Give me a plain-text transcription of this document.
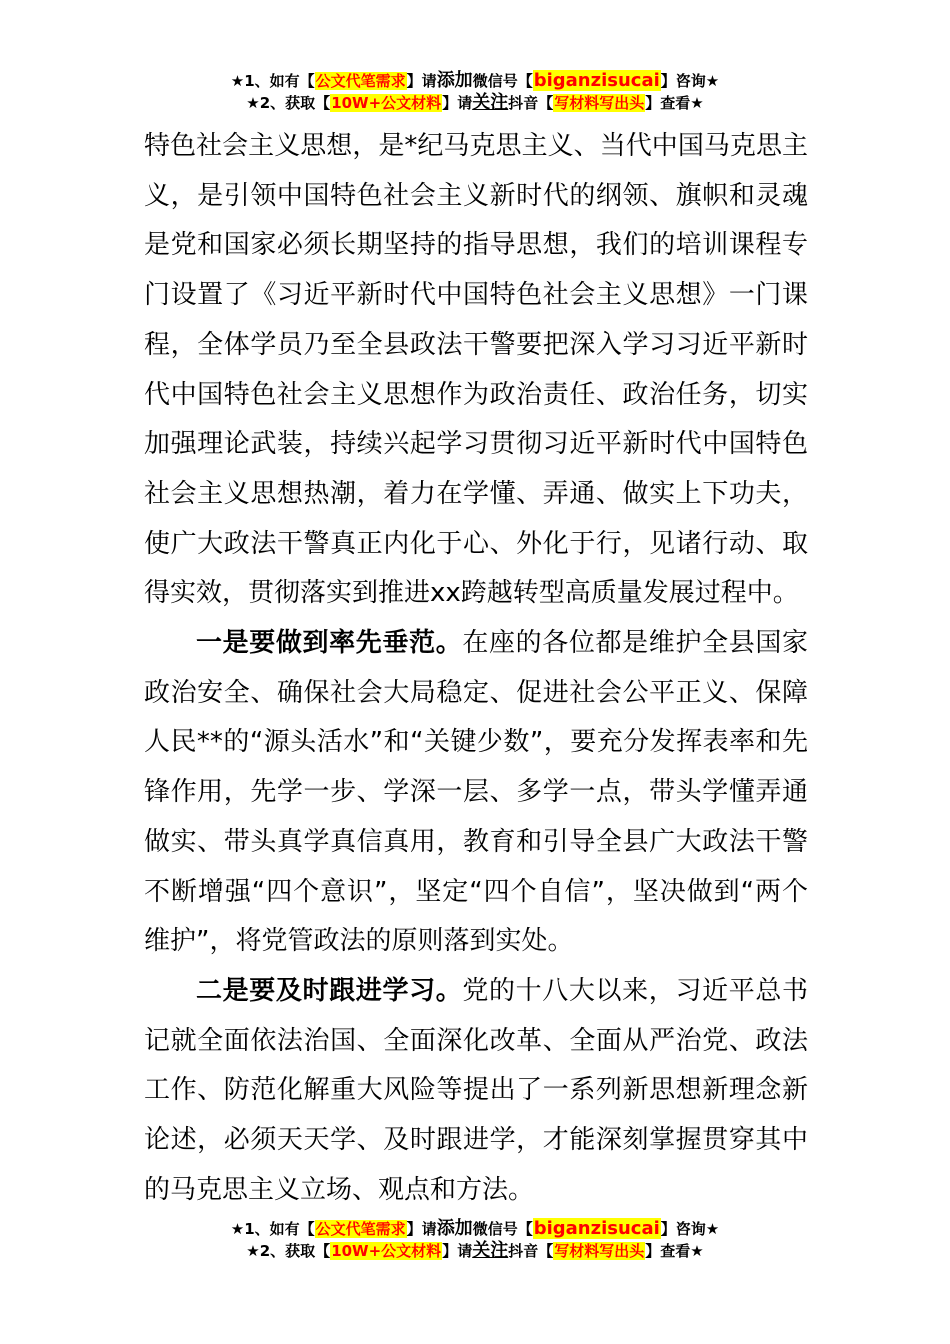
★1、如有【公文代笔需求】请添加微信号【biganzisucai】咨询★
★2、获取【10W+公文材料】请关注抖音【写材料写出头】查看★

特色社会主义思想，是*纪马克思主义、当代中国马克思主义，是引领中国特色社会主义新时代的纲领、旗帜和灵魂是党和国家必须长期坚持的指导思想，我们的培训课程专门设置了《习近平新时代中国特色社会主义思想》一门课程，全体学员乃至全县政法干警要把深入学习习近平新时代中国特色社会主义思想作为政治责任、政治任务，切实加强理论武装，持续兴起学习贯彻习近平新时代中国特色社会主义思想热潮，着力在学懂、弄通、做实上下功夫，使广大政法干警真正内化于心、外化于行，见诸行动、取得实效，贯彻落实到推进xx跨越转型高质量发展过程中。

一是要做到率先垂范。在座的各位都是维护全县国家政治安全、确保社会大局稳定、促进社会公平正义、保障人民**的“源头活水”和“关键少数”，要充分发挥表率和先锋作用，先学一步、学深一层、多学一点，带头学懂弄通做实、带头真学真信真用，教育和引导全县广大政法干警不断增强“四个意识”，坚定“四个自信”，坚决做到“两个维护”，将党管政法的原则落到实处。

二是要及时跟进学习。党的十八大以来，习近平总书记就全面依法治国、全面深化改革、全面从严治党、政法工作、防范化解重大风险等提出了一系列新思想新理念新论述，必须天天学、及时跟进学，才能深刻掌握贯穿其中的马克思主义立场、观点和方法。

★1、如有【公文代笔需求】请添加微信号【biganzisucai】咨询★
★2、获取【10W+公文材料】请关注抖音【写材料写出头】查看★
